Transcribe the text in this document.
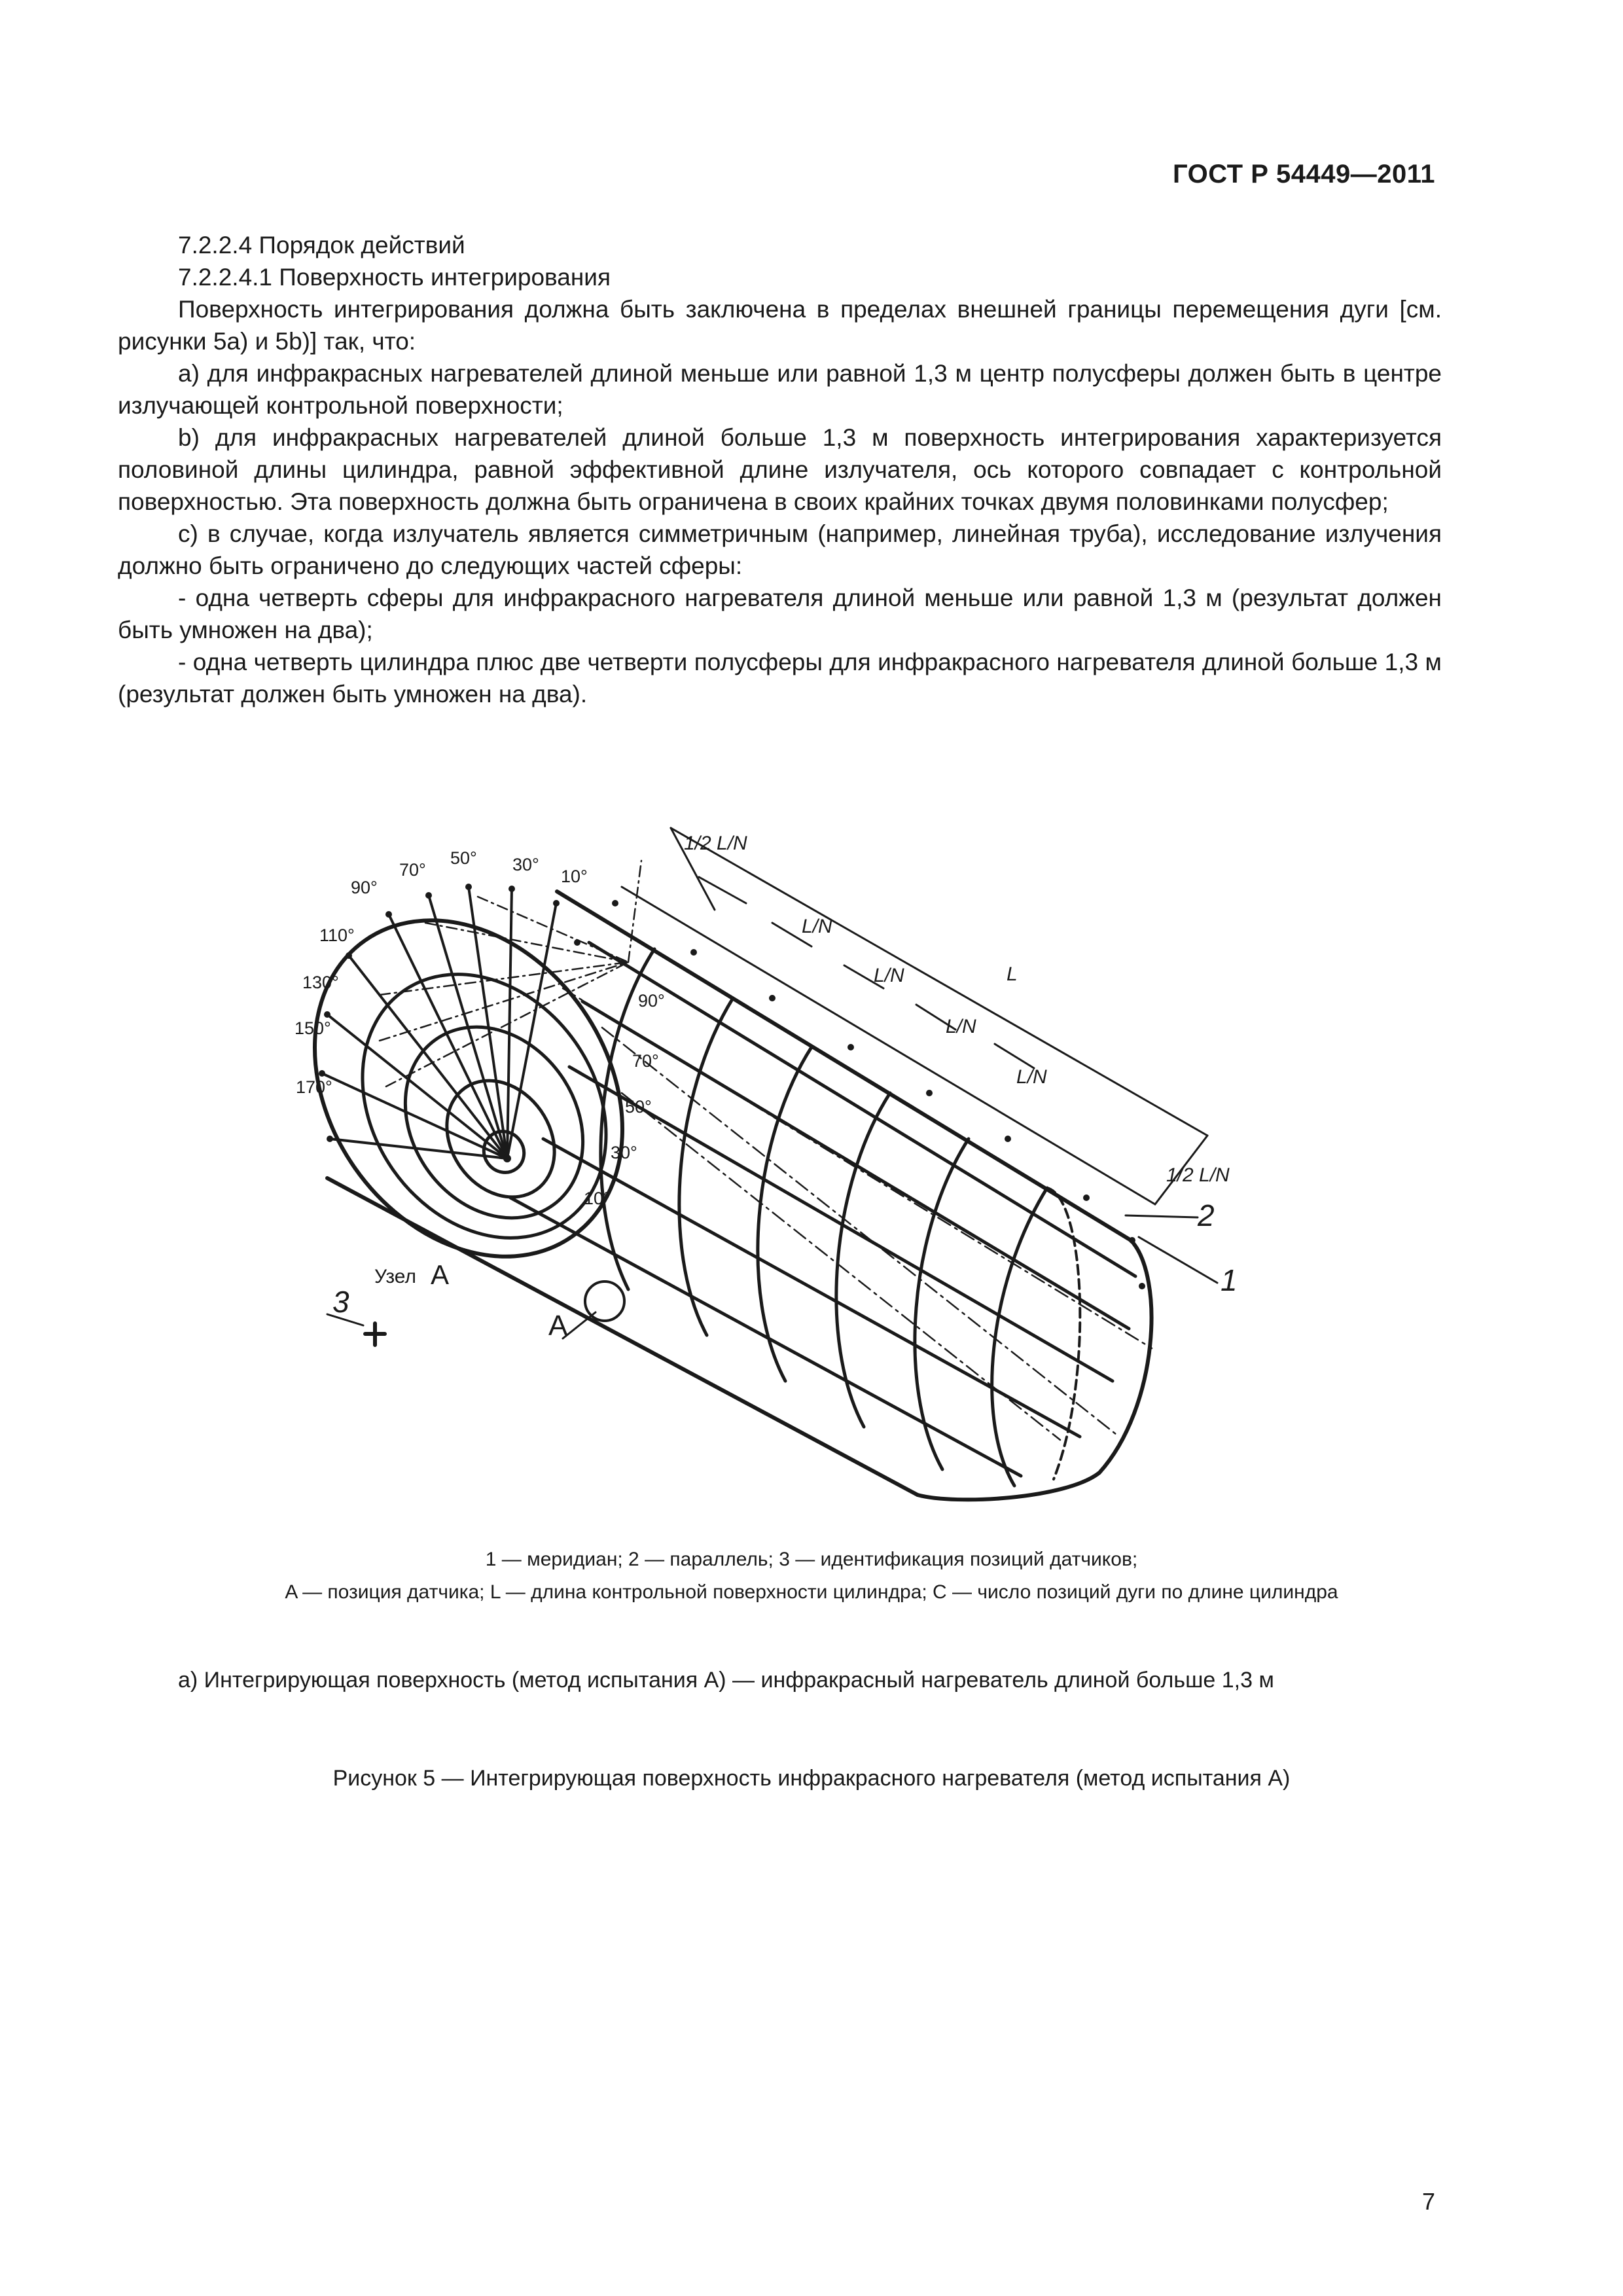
ГОСТ Р 54449—2011

7.2.2.4 Порядок действий

7.2.2.4.1 Поверхность интегрирования

Поверхность интегрирования должна быть заключена в пределах внешней границы перемещения дуги [см. рисунки 5а) и 5b)] так, что:

a) для инфракрасных нагревателей длиной меньше или равной 1,3 м центр полусферы должен быть в центре излучающей контрольной поверхности;

b) для инфракрасных нагревателей длиной больше 1,3 м поверхность интегрирования характеризуется половиной длины цилиндра, равной эффективной длине излучателя, ось которого совпадает с контрольной поверхностью. Эта поверхность должна быть ограничена в своих крайних точках двумя половинками полусфер;

c) в случае, когда излучатель является симметричным (например, линейная труба), исследование излучения должно быть ограничено до следующих частей сферы:

- одна четверть сферы для инфракрасного нагревателя длиной меньше или равной 1,3 м (результат должен быть умножен на два);

- одна четверть цилиндра плюс две четверти полусферы для инфракрасного нагревателя длиной больше 1,3 м (результат должен быть умножен на два).

10°
30°
50°
70°
90°
110°
130°
150°
170°
90°
70°
50°
30°
10°
1/2 L/N
L/N
L/N	L
L/N
L/N
1/2 L/N
2
1
3
A
Узел A
1 — меридиан; 2 — параллель; 3 — идентификация позиций датчиков;
A — позиция датчика; L — длина контрольной поверхности цилиндра; C — число позиций дуги по длине цилиндра
а) Интегрирующая поверхность (метод испытания А) — инфракрасный нагреватель длиной больше 1,3 м
Рисунок 5 — Интегрирующая поверхность инфракрасного нагревателя (метод испытания А)
7
